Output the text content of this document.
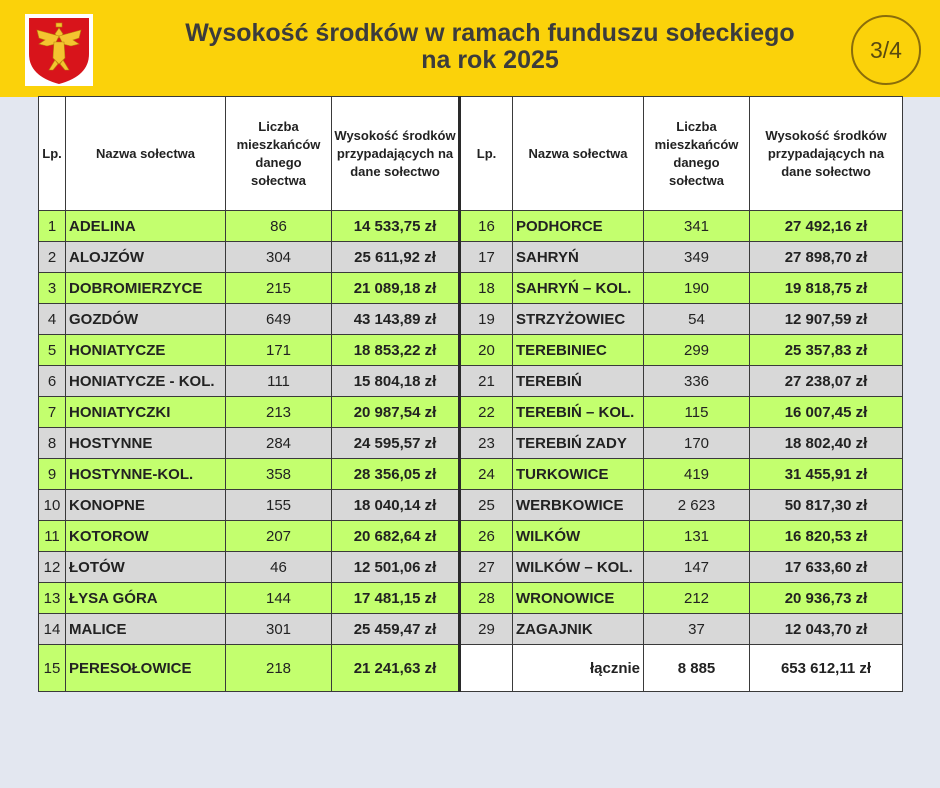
Wysokość środków w ramach funduszu sołeckiego
na rok 2025	3/4
Lp.	Nazwa sołectwa	Liczba mieszkańców danego sołectwa	Wysokość środków przypadających na dane sołectwo	Lp.	Nazwa sołectwa	Liczba mieszkańców danego sołectwa	Wysokość środków przypadających na dane sołectwo
1	ADELINA	86	14 533,75 zł	16	PODHORCE	341	27 492,16 zł
2	ALOJZÓW	304	25 611,92 zł	17	SAHRYŃ	349	27 898,70 zł
3	DOBROMIERZYCE	215	21 089,18 zł	18	SAHRYŃ – KOL.	190	19 818,75 zł
4	GOZDÓW	649	43 143,89 zł	19	STRZYŻOWIEC	54	12 907,59 zł
5	HONIATYCZE	171	18 853,22 zł	20	TEREBINIEC	299	25 357,83 zł
6	HONIATYCZE - KOL.	111	15 804,18 zł	21	TEREBIŃ	336	27 238,07 zł
7	HONIATYCZKI	213	20 987,54 zł	22	TEREBIŃ – KOL.	115	16 007,45 zł
8	HOSTYNNE	284	24 595,57 zł	23	TEREBIŃ ZADY	170	18 802,40 zł
9	HOSTYNNE-KOL.	358	28 356,05 zł	24	TURKOWICE	419	31 455,91 zł
10	KONOPNE	155	18 040,14 zł	25	WERBKOWICE	2 623	50 817,30 zł
11	KOTOROW	207	20 682,64 zł	26	WILKÓW	131	16 820,53 zł
12	ŁOTÓW	46	12 501,06 zł	27	WILKÓW – KOL.	147	17 633,60 zł
13	ŁYSA GÓRA	144	17 481,15 zł	28	WRONOWICE	212	20 936,73 zł
14	MALICE	301	25 459,47 zł	29	ZAGAJNIK	37	12 043,70 zł
15	PERESOŁOWICE	218	21 241,63 zł		łącznie	8 885	653 612,11 zł
